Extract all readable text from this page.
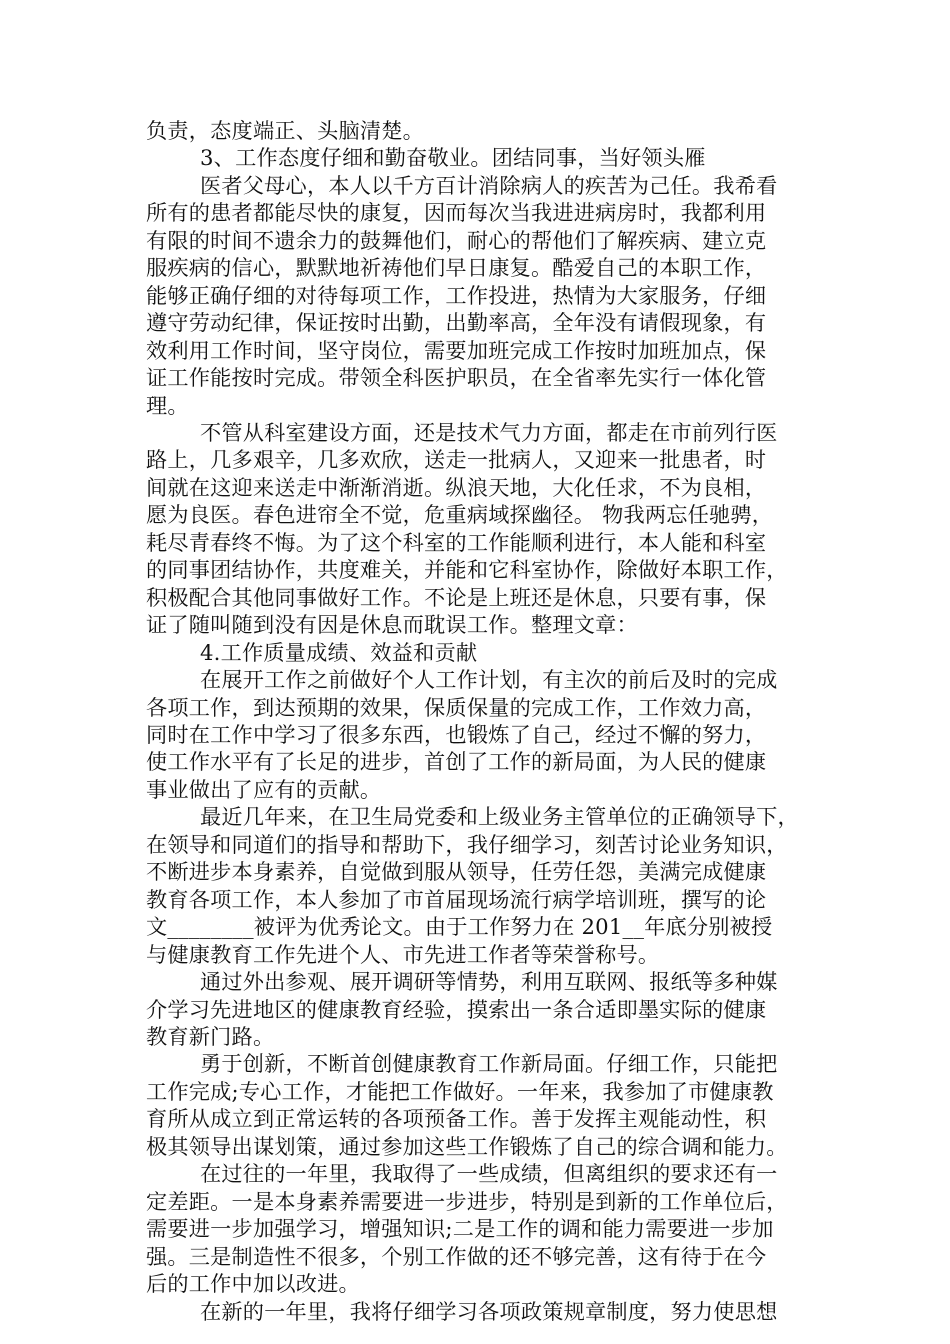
负责，态度端正、头脑清楚。
3、工作态度仔细和勤奋敬业。团结同事，当好领头雁
医者父母心，本人以千方百计消除病人的疾苦为己任。我希看
所有的患者都能尽快的康复，因而每次当我进进病房时，我都利用
有限的时间不遗余力的鼓舞他们，耐心的帮他们了解疾病、建立克
服疾病的信心，默默地祈祷他们早日康复。酷爱自己的本职工作，
能够正确仔细的对待每项工作，工作投进，热情为大家服务，仔细
遵守劳动纪律，保证按时出勤，出勤率高，全年没有请假现象，有
效利用工作时间，坚守岗位，需要加班完成工作按时加班加点，保
证工作能按时完成。带领全科医护职员，在全省率先实行一体化管
理。
不管从科室建设方面，还是技术气力方面，都走在市前列行医
路上，几多艰辛，几多欢欣，送走一批病人，又迎来一批患者，时
间就在这迎来送走中渐渐消逝。纵浪天地，大化任求，不为良相，
愿为良医。春色进帘全不觉，危重病域探幽径。 物我两忘任驰骋，
耗尽青春终不悔。为了这个科室的工作能顺利进行，本人能和科室
的同事团结协作，共度难关，并能和它科室协作，除做好本职工作，
积极配合其他同事做好工作。不论是上班还是休息，只要有事，保
证了随叫随到没有因是休息而耽误工作。整理文章：
4.工作质量成绩、效益和贡献
在展开工作之前做好个人工作计划，有主次的前后及时的完成
各项工作，到达预期的效果，保质保量的完成工作，工作效力高，
同时在工作中学习了很多东西，也锻炼了自己，经过不懈的努力，
使工作水平有了长足的进步，首创了工作的新局面，为人民的健康
事业做出了应有的贡献。
最近几年来，在卫生局党委和上级业务主管单位的正确领导下，
在领导和同道们的指导和帮助下，我仔细学习，刻苦讨论业务知识，
不断进步本身素养，自觉做到服从领导，任劳任怨，美满完成健康
教育各项工作，本人参加了市首届现场流行病学培训班，撰写的论
文________被评为优秀论文。由于工作努力在 201__年底分别被授
与健康教育工作先进个人、市先进工作者等荣誉称号。
通过外出参观、展开调研等情势，利用互联网、报纸等多种媒
介学习先进地区的健康教育经验，摸索出一条合适即墨实际的健康
教育新门路。
勇于创新，不断首创健康教育工作新局面。仔细工作，只能把
工作完成;专心工作，才能把工作做好。一年来，我参加了市健康教
育所从成立到正常运转的各项预备工作。善于发挥主观能动性，积
极其领导出谋划策，通过参加这些工作锻炼了自己的综合调和能力。
在过往的一年里，我取得了一些成绩，但离组织的要求还有一
定差距。一是本身素养需要进一步进步，特别是到新的工作单位后，
需要进一步加强学习，增强知识;二是工作的调和能力需要进一步加
强。三是制造性不很多，个别工作做的还不够完善，这有待于在今
后的工作中加以改进。
在新的一年里，我将仔细学习各项政策规章制度，努力使思想
